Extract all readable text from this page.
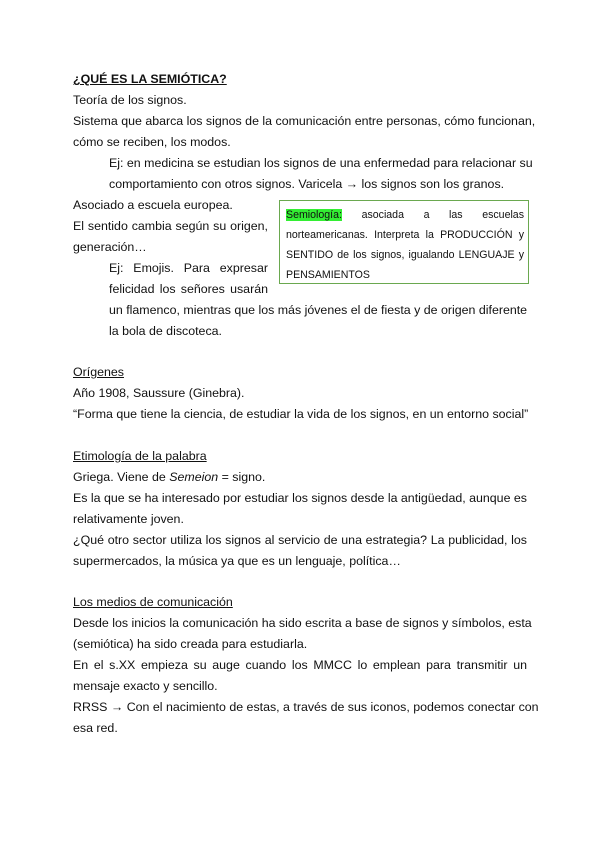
¿QUÉ ES LA SEMIÓTICA?
Teoría de los signos.
Sistema que abarca los signos de la comunicación entre personas, cómo funcionan,
cómo se reciben, los modos.
Ej: en medicina se estudian los signos de una enfermedad para relacionar su
comportamiento con otros signos. Varicela → los signos son los granos.
Asociado a escuela europea.
El sentido cambia según su origen,
generación…
Ej: Emojis. Para expresar
felicidad los señores usarán
un flamenco, mientras que los más jóvenes el de fiesta y de origen diferente
la bola de discoteca.
Semiología: asociada a las escuelas
norteamericanas. Interpreta la PRODUCCIÓN y
SENTIDO de los signos, igualando LENGUAJE y
PENSAMIENTOS
Orígenes
Año 1908, Saussure (Ginebra).
“Forma que tiene la ciencia, de estudiar la vida de los signos, en un entorno social”
Etimología de la palabra
Griega. Viene de Semeion = signo.
Es la que se ha interesado por estudiar los signos desde la antigüedad, aunque es
relativamente joven.
¿Qué otro sector utiliza los signos al servicio de una estrategia? La publicidad, los
supermercados, la música ya que es un lenguaje, política…
Los medios de comunicación
Desde los inicios la comunicación ha sido escrita a base de signos y símbolos, esta
(semiótica) ha sido creada para estudiarla.
En el s.XX empieza su auge cuando los MMCC lo emplean para transmitir un
mensaje exacto y sencillo.
RRSS → Con el nacimiento de estas, a través de sus iconos, podemos conectar con
esa red.
